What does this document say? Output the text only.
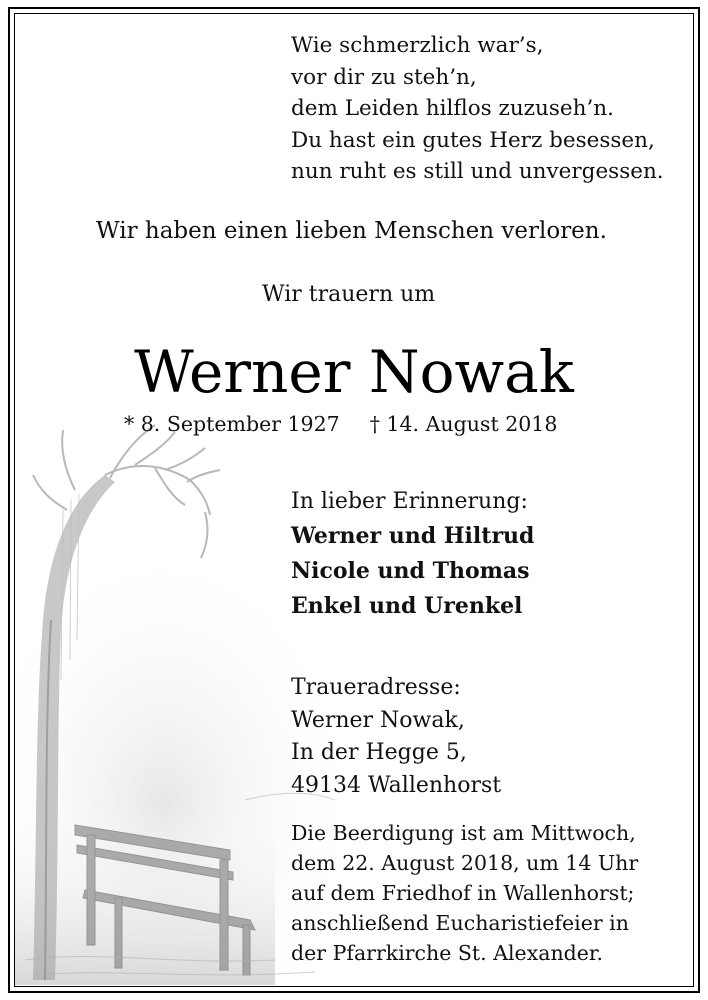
Wie schmerzlich war’s,
vor dir zu steh’n,
dem Leiden hilflos zuzuseh’n.
Du hast ein gutes Herz besessen,
nun ruht es still und unvergessen.
Wir haben einen lieben Menschen verloren.
Wir trauern um
Werner Nowak
* 8. September 1927 † 14. August 2018
In lieber Erinnerung:
Werner und Hiltrud
Nicole und Thomas
Enkel und Urenkel
Traueradresse:
Werner Nowak,
In der Hegge 5,
49134 Wallenhorst
Die Beerdigung ist am Mittwoch,
dem 22. August 2018, um 14 Uhr
auf dem Friedhof in Wallenhorst;
anschließend Eucharistiefeier in
der Pfarrkirche St. Alexander.
